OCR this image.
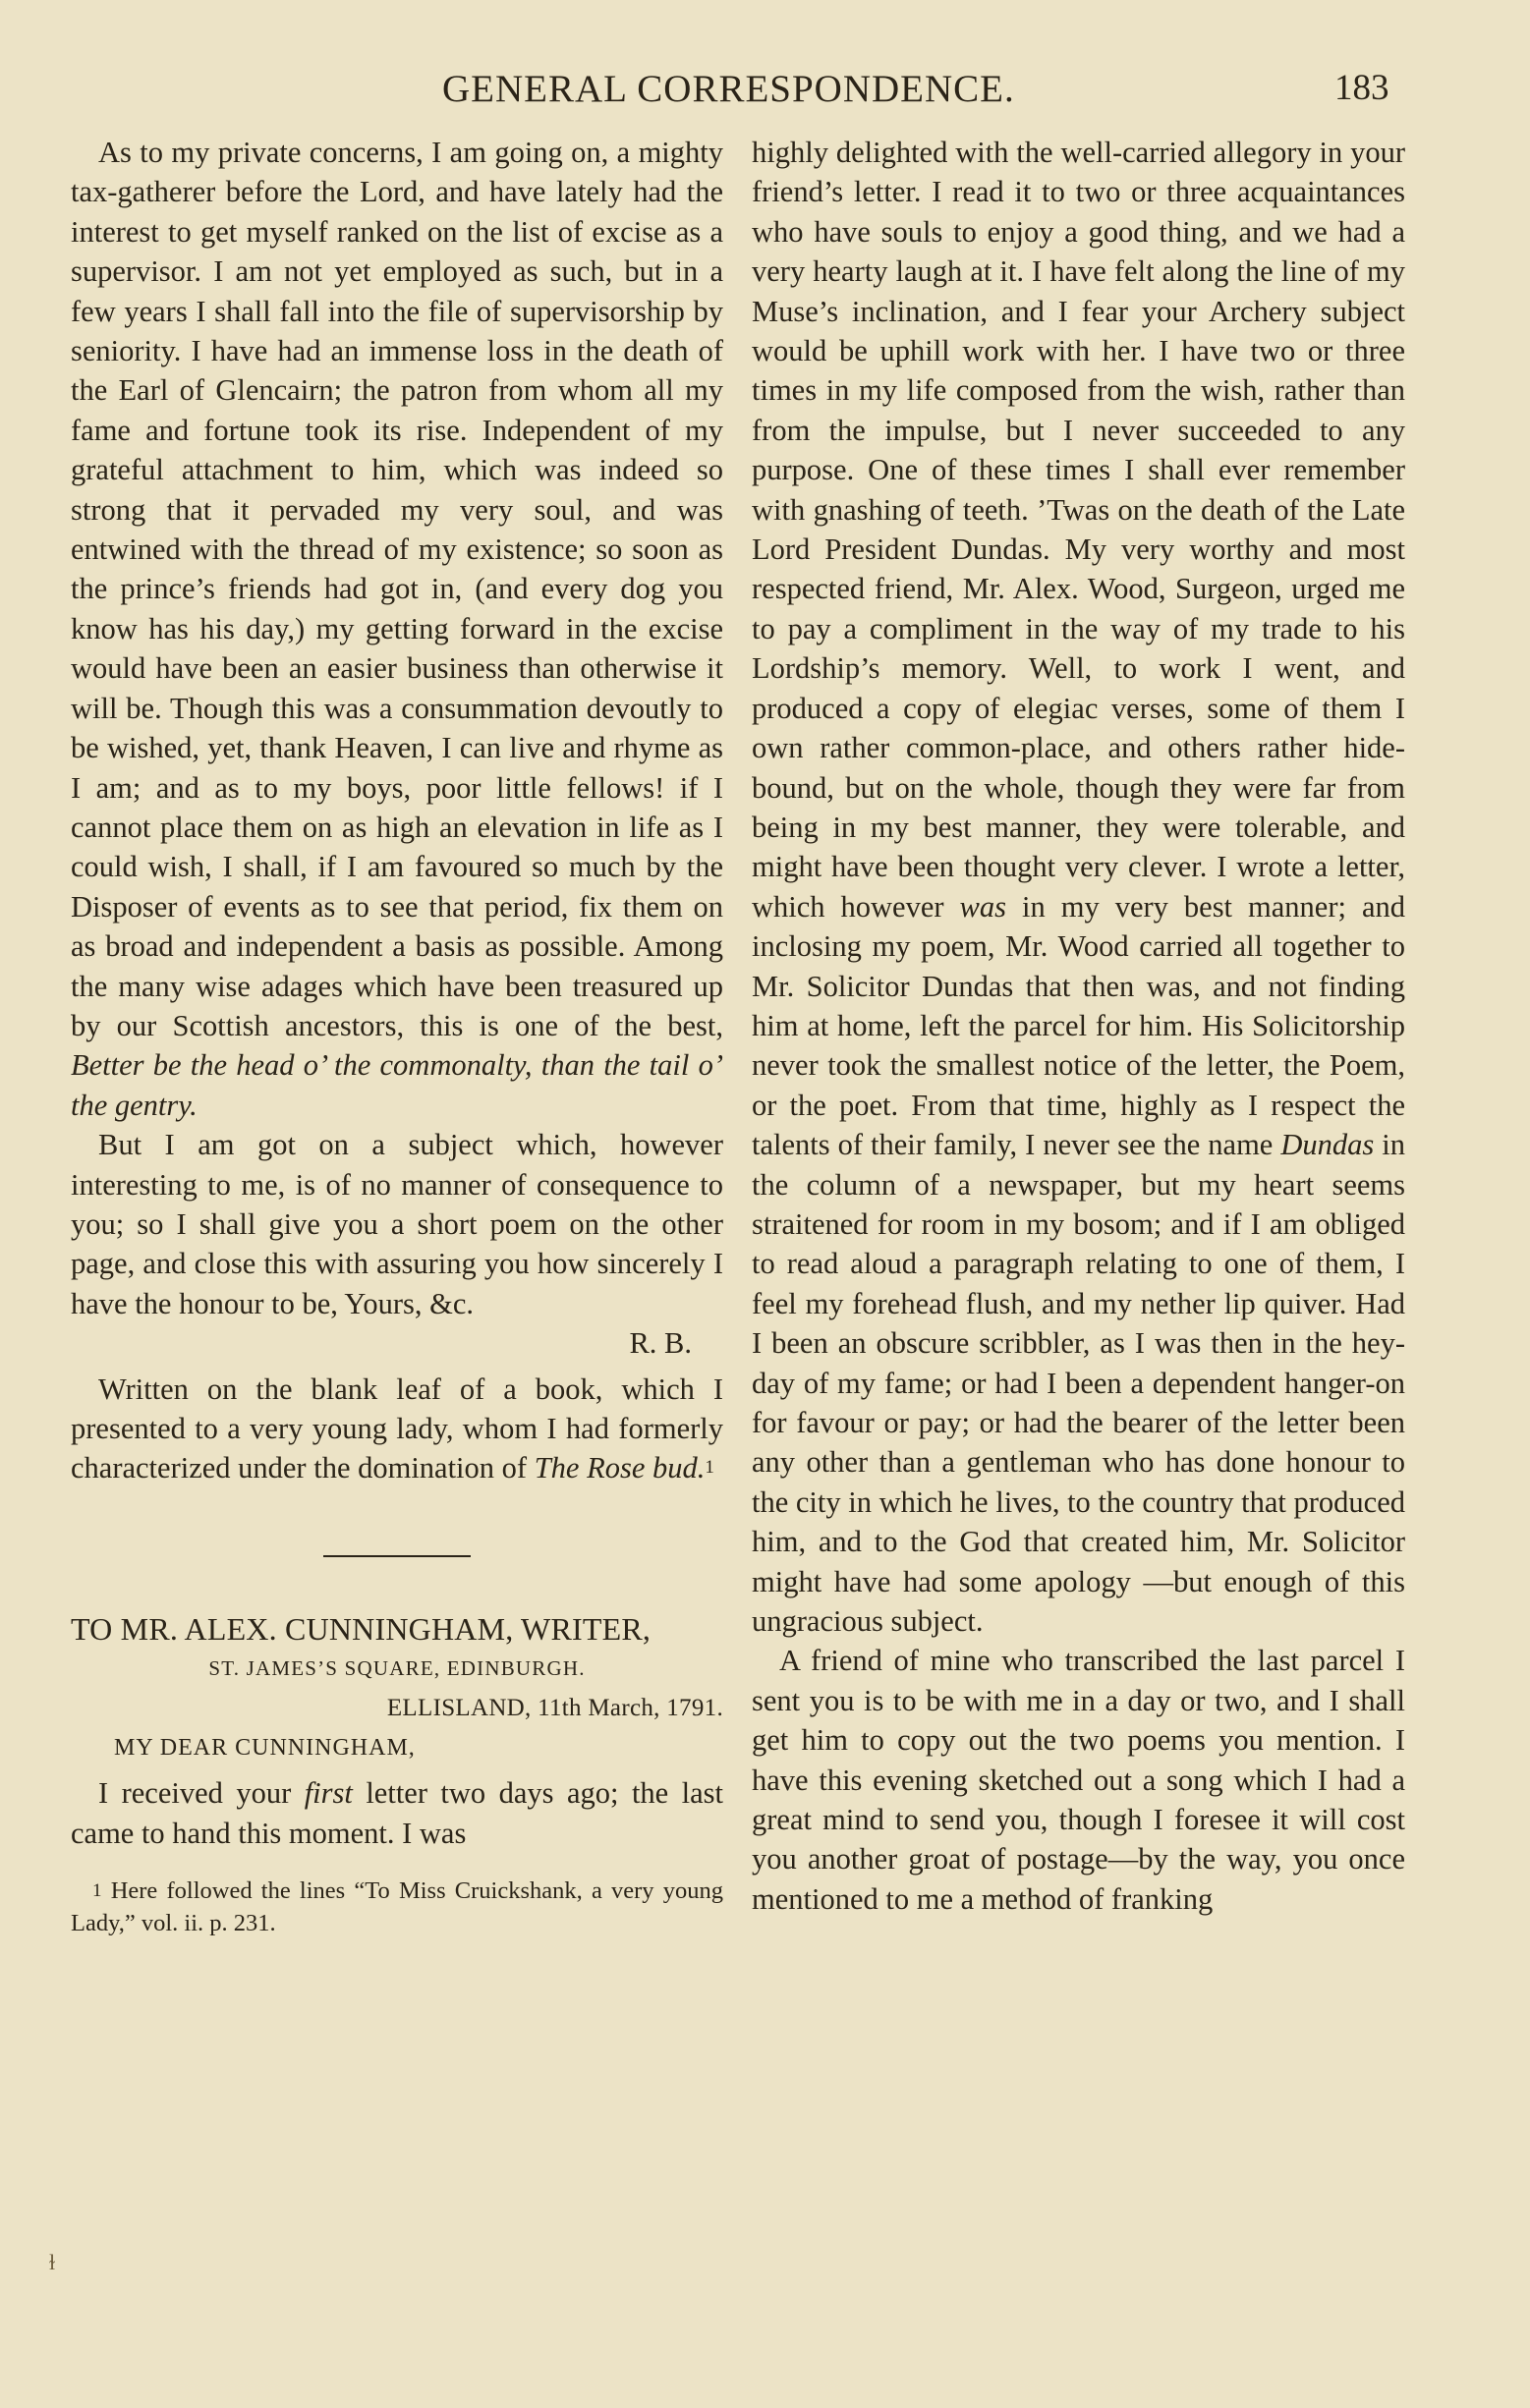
GENERAL CORRESPONDENCE.	183

As to my private concerns, I am going on, a mighty tax-gatherer before the Lord, and have lately had the interest to get myself ranked on the list of excise as a supervisor. I am not yet employed as such, but in a few years I shall fall into the file of supervisorship by seniority. I have had an immense loss in the death of the Earl of Glencairn; the patron from whom all my fame and fortune took its rise. Independent of my grateful attachment to him, which was indeed so strong that it pervaded my very soul, and was entwined with the thread of my existence; so soon as the prince’s friends had got in, (and every dog you know has his day,) my getting forward in the excise would have been an easier business than otherwise it will be. Though this was a consummation devoutly to be wished, yet, thank Heaven, I can live and rhyme as I am; and as to my boys, poor little fellows! if I cannot place them on as high an elevation in life as I could wish, I shall, if I am favoured so much by the Disposer of events as to see that period, fix them on as broad and independent a basis as possible. Among the many wise adages which have been treasured up by our Scottish ancestors, this is one of the best, Better be the head o’ the commonalty, than the tail o’ the gentry.

But I am got on a subject which, however interesting to me, is of no manner of consequence to you; so I shall give you a short poem on the other page, and close this with assuring you how sincerely I have the honour to be, Yours, &c.

R. B.

Written on the blank leaf of a book, which I presented to a very young lady, whom I had formerly characterized under the domination of The Rose bud.$^1$

TO MR. ALEX. CUNNINGHAM, WRITER,

ST. JAMES’S SQUARE, EDINBURGH.

ELLISLAND, 11th March, 1791.

MY DEAR CUNNINGHAM,

I received your first letter two days ago; the last came to hand this moment. I was

$^1$ Here followed the lines “To Miss Cruickshank, a very young Lady,” vol. ii. p. 231.

ɫ

highly delighted with the well-carried allegory in your friend’s letter. I read it to two or three acquaintances who have souls to enjoy a good thing, and we had a very hearty laugh at it. I have felt along the line of my Muse’s inclination, and I fear your Archery subject would be uphill work with her. I have two or three times in my life composed from the wish, rather than from the impulse, but I never succeeded to any purpose. One of these times I shall ever remember with gnashing of teeth. ’Twas on the death of the Late Lord President Dundas. My very worthy and most respected friend, Mr. Alex. Wood, Surgeon, urged me to pay a compliment in the way of my trade to his Lordship’s memory. Well, to work I went, and produced a copy of elegiac verses, some of them I own rather common-place, and others rather hide-bound, but on the whole, though they were far from being in my best manner, they were tolerable, and might have been thought very clever. I wrote a letter, which however was in my very best manner; and inclosing my poem, Mr. Wood carried all together to Mr. Solicitor Dundas that then was, and not finding him at home, left the parcel for him. His Solicitorship never took the smallest notice of the letter, the Poem, or the poet. From that time, highly as I respect the talents of their family, I never see the name Dundas in the column of a newspaper, but my heart seems straitened for room in my bosom; and if I am obliged to read aloud a paragraph relating to one of them, I feel my forehead flush, and my nether lip quiver. Had I been an obscure scribbler, as I was then in the hey-day of my fame; or had I been a dependent hanger-on for favour or pay; or had the bearer of the letter been any other than a gentleman who has done honour to the city in which he lives, to the country that produced him, and to the God that created him, Mr. Solicitor might have had some apology —but enough of this ungracious subject.

A friend of mine who transcribed the last parcel I sent you is to be with me in a day or two, and I shall get him to copy out the two poems you mention. I have this evening sketched out a song which I had a great mind to send you, though I foresee it will cost you another groat of postage—by the way, you once mentioned to me a method of franking
